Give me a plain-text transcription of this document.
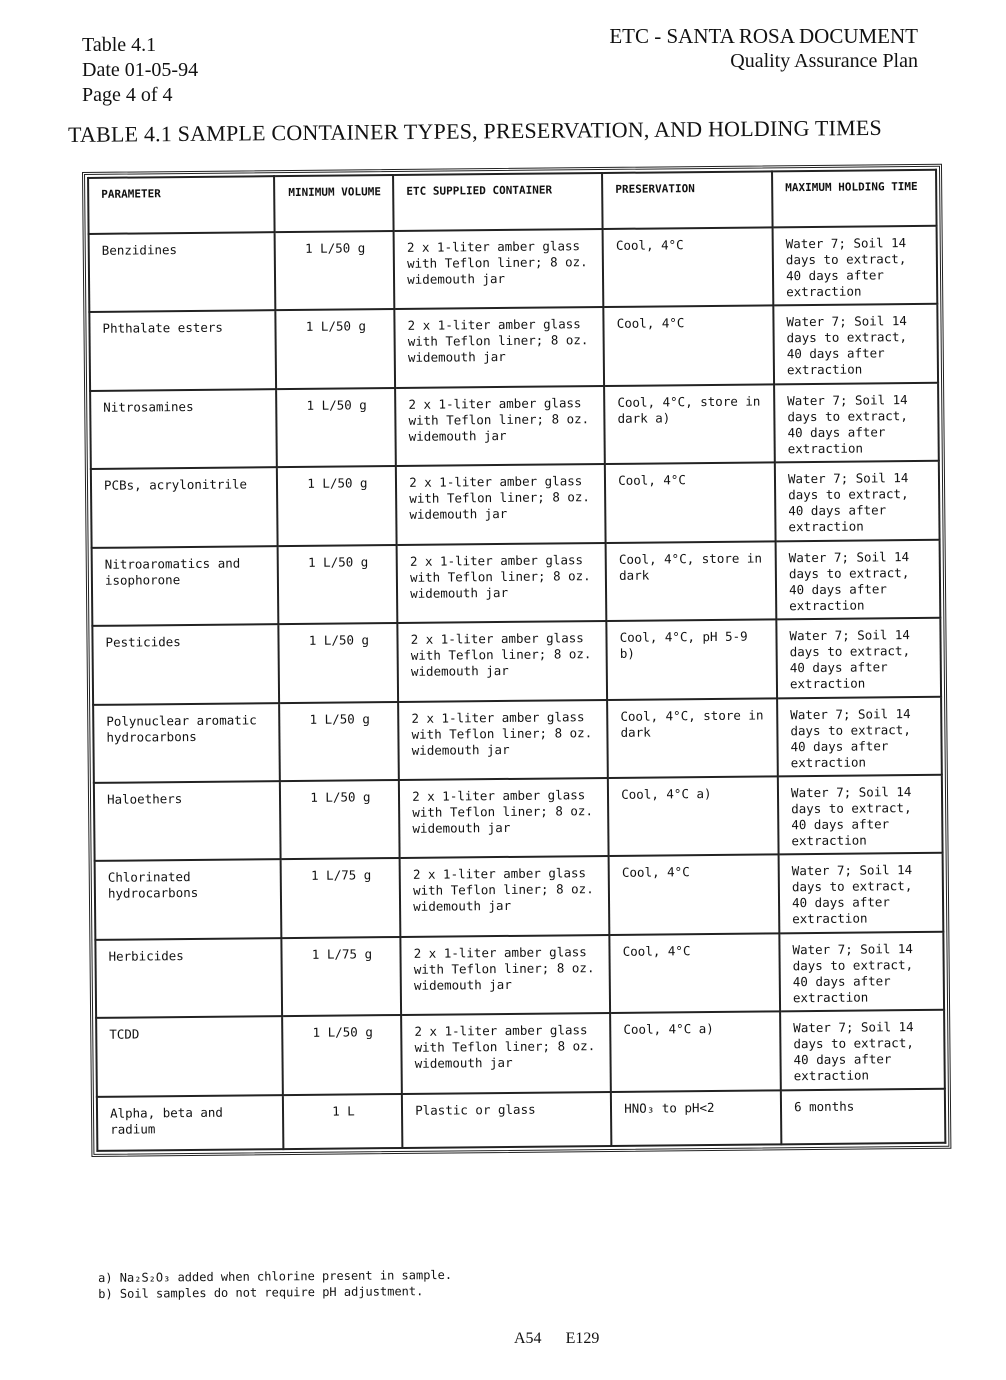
Table 4.1
Date 01-05-94
Page 4 of 4
ETC - SANTA ROSA DOCUMENT
Quality Assurance Plan
TABLE 4.1 SAMPLE CONTAINER TYPES, PRESERVATION, AND HOLDING TIMES
PARAMETER	MINIMUM VOLUME	ETC SUPPLIED CONTAINER	PRESERVATION	MAXIMUM HOLDING TIME
Benzidines	1 L/50 g	2 x 1-liter amber glass with Teflon liner; 8 oz. widemouth jar	Cool, 4°C	Water 7; Soil 14 days to extract, 40 days after extraction
Phthalate esters	1 L/50 g	2 x 1-liter amber glass with Teflon liner; 8 oz. widemouth jar	Cool, 4°C	Water 7; Soil 14 days to extract, 40 days after extraction
Nitrosamines	1 L/50 g	2 x 1-liter amber glass with Teflon liner; 8 oz. widemouth jar	Cool, 4°C, store in dark a)	Water 7; Soil 14 days to extract, 40 days after extraction
PCBs, acrylonitrile	1 L/50 g	2 x 1-liter amber glass with Teflon liner; 8 oz. widemouth jar	Cool, 4°C	Water 7; Soil 14 days to extract, 40 days after extraction
Nitroaromatics and isophorone	1 L/50 g	2 x 1-liter amber glass with Teflon liner; 8 oz. widemouth jar	Cool, 4°C, store in dark	Water 7; Soil 14 days to extract, 40 days after extraction
Pesticides	1 L/50 g	2 x 1-liter amber glass with Teflon liner; 8 oz. widemouth jar	Cool, 4°C, pH 5-9 b)	Water 7; Soil 14 days to extract, 40 days after extraction
Polynuclear aromatic hydrocarbons	1 L/50 g	2 x 1-liter amber glass with Teflon liner; 8 oz. widemouth jar	Cool, 4°C, store in dark	Water 7; Soil 14 days to extract, 40 days after extraction
Haloethers	1 L/50 g	2 x 1-liter amber glass with Teflon liner; 8 oz. widemouth jar	Cool, 4°C a)	Water 7; Soil 14 days to extract, 40 days after extraction
Chlorinated hydrocarbons	1 L/75 g	2 x 1-liter amber glass with Teflon liner; 8 oz. widemouth jar	Cool, 4°C	Water 7; Soil 14 days to extract, 40 days after extraction
Herbicides	1 L/75 g	2 x 1-liter amber glass with Teflon liner; 8 oz. widemouth jar	Cool, 4°C	Water 7; Soil 14 days to extract, 40 days after extraction
TCDD	1 L/50 g	2 x 1-liter amber glass with Teflon liner; 8 oz. widemouth jar	Cool, 4°C a)	Water 7; Soil 14 days to extract, 40 days after extraction
Alpha, beta and radium	1 L	Plastic or glass	HNO₃ to pH<2	6 months
a) Na₂S₂O₃ added when chlorine present in sample.
b) Soil samples do not require pH adjustment.
A54 E129
